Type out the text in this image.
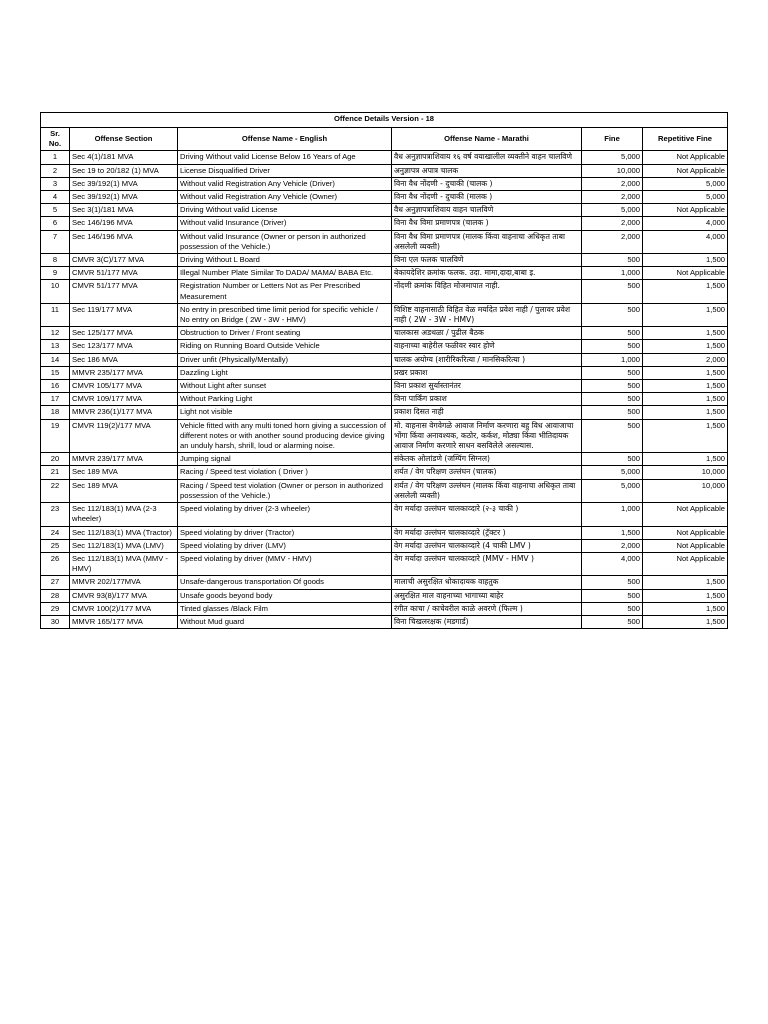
Offence Details Version - 18					
Sr. No.	Offense Section	Offense Name - English	Offense Name - Marathi	Fine	Repetitive Fine
1	Sec 4(1)/181 MVA	Driving Without valid License Below 16 Years of Age	वैध अनुज्ञापत्राशिवाय १६ वर्ष वयाखालील व्यक्तीने वाहन चालविणे	5,000	Not Applicable
2	Sec 19 to 20/182 (1) MVA	License Disqualified Driver	अनुज्ञापत्र अपात्र चालक	10,000	Not Applicable
3	Sec 39/192(1) MVA	Without valid Registration Any Vehicle (Driver)	विना वैध नोंदणी - दुचाकी (चालक )	2,000	5,000
4	Sec 39/192(1) MVA	Without valid Registration Any Vehicle (Owner)	विना वैध नोंदणी - दुचाकी (मालक )	2,000	5,000
5	Sec 3(1)/181 MVA	Driving Without valid License	वैध अनुज्ञापत्राशिवाय वाहन चालविणे	5,000	Not Applicable
6	Sec 146/196 MVA	Without valid Insurance (Driver)	विना वैध विमा प्रमाणपत्र (चालक )	2,000	4,000
7	Sec 146/196 MVA	Without valid Insurance (Owner or person in authorized possession of the Vehicle.)	विना वैध विमा प्रमाणपत्र (मालक किंवा वाहनाचा अधिकृत ताबा असलेली व्यक्ती)	2,000	4,000
8	CMVR 3(C)/177 MVA	Driving Without L Board	विना एल फलक चालविणे	500	1,500
9	CMVR 51/177 MVA	Illegal Number Plate Similar To DADA/ MAMA/ BABA Etc.	बेकायदेशिर क्रमांक फलक. उदा. मामा,दादा,बाबा इ.	1,000	Not Applicable
10	CMVR 51/177 MVA	Registration Number or Letters Not as Per Prescribed Measurement	नोंदणी क्रमांक विहित मोजमापात नाही.	500	1,500
11	Sec 119/177 MVA	No entry in prescribed time limit period for specific vehicle / No entry on Bridge ( 2W - 3W - HMV)	विशिष्ट वाहनासाठी विहित वेळ मर्यादेत प्रवेश नाही / पुलावर प्रवेश नाही ( 2W - 3W - HMV)	500	1,500
12	Sec 125/177 MVA	Obstruction to Driver / Front seating	चालकास अडथळा / पुढील बैठक	500	1,500
13	Sec 123/177 MVA	Riding on Running Board Outside Vehicle	वाहनाच्या बाहेरील फळीवर स्वार होणे	500	1,500
14	Sec 186 MVA	Driver unfit (Physically/Mentally)	चालक अयोग्य (शारीरिकरित्या / मानसिकरित्या )	1,000	2,000
15	MMVR 235/177 MVA	Dazzling Light	प्रखर प्रकाश	500	1,500
16	CMVR 105/177 MVA	Without Light after sunset	विना प्रकाश सुर्यास्तानंतर	500	1,500
17	CMVR 109/177 MVA	Without Parking Light	विना पार्किंग प्रकाश	500	1,500
18	MMVR 236(1)/177 MVA	Light not visible	प्रकाश दिसत नाही	500	1,500
19	CMVR 119(2)/177 MVA	Vehicle fitted with any multi toned horn giving a succession of different notes or with another sound producing device giving an unduly harsh, shrill, loud or alarming noise.	मो. वाहनास वेगवेगळे आवाज निर्माण करणारा बहु विध आवाजाचा भोंगा किंवा अनावश्यक, कठोर, कर्कश, मोठ्या किंवा भीतिदायक आवाज निर्माण करणारे साधन बसविलेले असल्यास.	500	1,500
20	MMVR 239/177 MVA	Jumping signal	संकेतक ओलांडणे (जम्पिंग सिग्नल)	500	1,500
21	Sec 189 MVA	Racing / Speed test violation ( Driver )	शर्यत / वेग परिक्षण उल्लंघन (चालक)	5,000	10,000
22	Sec 189 MVA	Racing / Speed test violation (Owner or person in authorized possession of the Vehicle.)	शर्यत / वेग परिक्षण उल्लंघन (मालक किंवा वाहनाचा अधिकृत ताबा असलेली व्यक्ती)	5,000	10,000
23	Sec 112/183(1) MVA (2-3 wheeler)	Speed violating by driver (2-3 wheeler)	वेग मर्यादा उल्लंघन चालकाव्दारे (२-३ चाकी )	1,000	Not Applicable
24	Sec 112/183(1) MVA (Tractor)	Speed violating by driver (Tractor)	वेग मर्यादा उल्लंघन चालकाव्दारे (ट्रॅक्टर )	1,500	Not Applicable
25	Sec 112/183(1) MVA (LMV)	Speed violating by driver (LMV)	वेग मर्यादा उल्लंघन चालकाव्दारे (4 चाकी LMV )	2,000	Not Applicable
26	Sec 112/183(1) MVA (MMV - HMV)	Speed violating by driver (MMV - HMV)	वेग मर्यादा उल्लंघन चालकाव्दारे (MMV - HMV )	4,000	Not Applicable
27	MMVR 202/177MVA	Unsafe-dangerous transportation Of goods	मालाची असुरक्षित धोकादायक वाहतुक	500	1,500
28	CMVR 93(8)/177 MVA	Unsafe goods beyond body	असुरक्षित माल वाहनाच्या भागाच्या बाहेर	500	1,500
29	CMVR 100(2)/177 MVA	Tinted glasses /Black Film	रंगीत काचा / काचेवरील काळे अवरणे (फिल्म )	500	1,500
30	MMVR 165/177 MVA	Without Mud guard	विना चिखलरक्षक (मडगार्ड)	500	1,500
